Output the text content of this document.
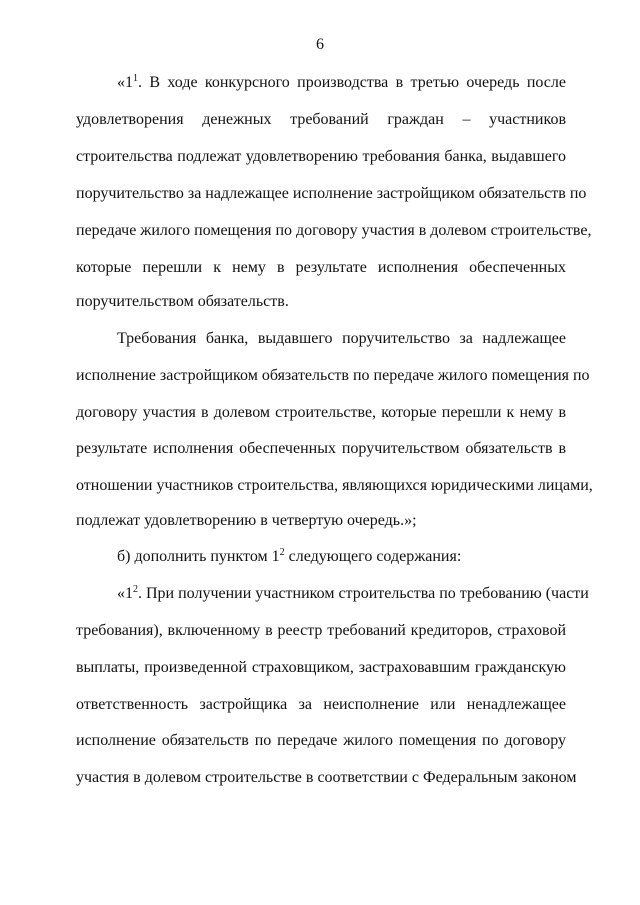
6
«$1^1$. В ходе конкурсного производства в третью очередь после
удовлетворения денежных требований граждан – участников
строительства подлежат удовлетворению требования банка, выдавшего
поручительство за надлежащее исполнение застройщиком обязательств по
передаче жилого помещения по договору участия в долевом строительстве,
которые перешли к нему в результате исполнения обеспеченных
поручительством обязательств.
Требования банка, выдавшего поручительство за надлежащее
исполнение застройщиком обязательств по передаче жилого помещения по
договору участия в долевом строительстве, которые перешли к нему в
результате исполнения обеспеченных поручительством обязательств в
отношении участников строительства, являющихся юридическими лицами,
подлежат удовлетворению в четвертую очередь.»;
б) дополнить пунктом $1^2$ следующего содержания:
«$1^2$. При получении участником строительства по требованию (части
требования), включенному в реестр требований кредиторов, страховой
выплаты, произведенной страховщиком, застраховавшим гражданскую
ответственность застройщика за неисполнение или ненадлежащее
исполнение обязательств по передаче жилого помещения по договору
участия в долевом строительстве в соответствии с Федеральным законом
